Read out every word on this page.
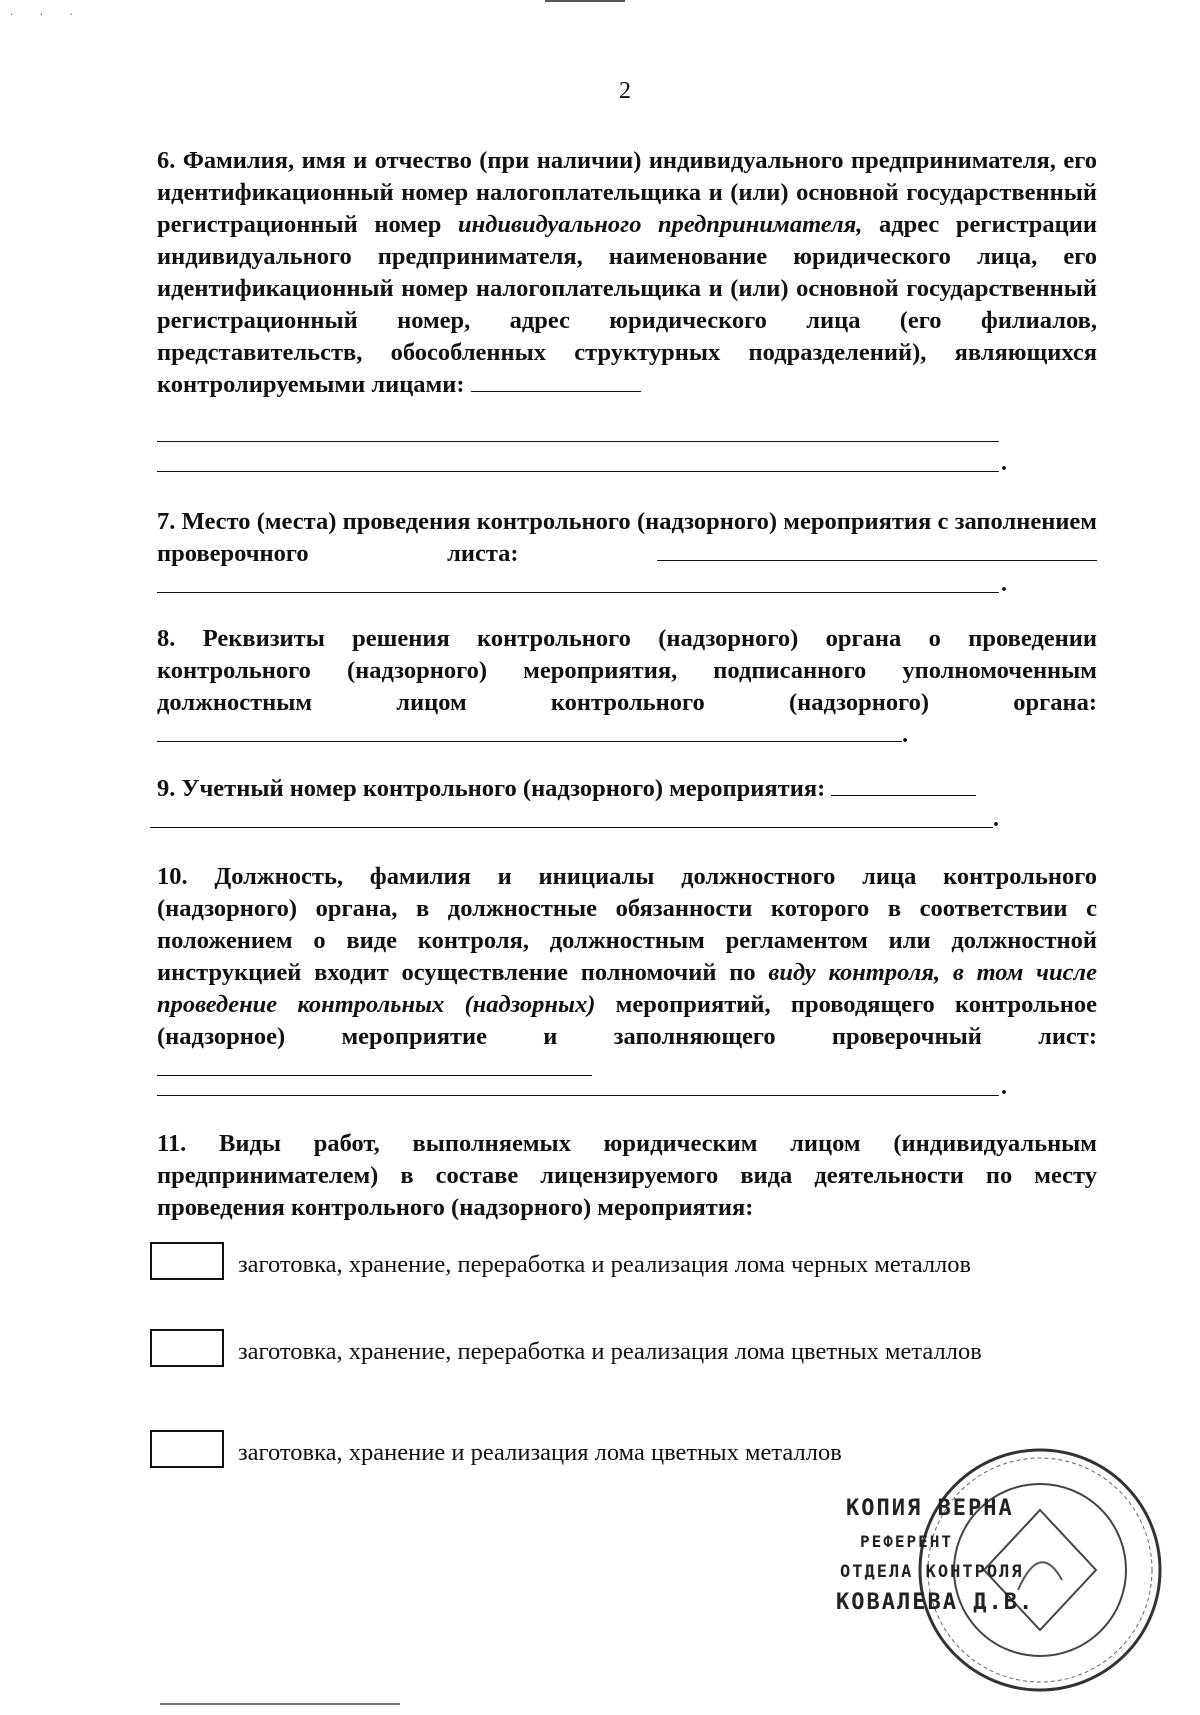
· · ·
2
6. Фамилия, имя и отчество (при наличии) индивидуального предпринимателя, его идентификационный номер налогоплательщика и (или) основной государственный регистрационный номер индивидуального предпринимателя, адрес регистрации индивидуального предпринимателя, наименование юридического лица, его идентификационный номер налогоплательщика и (или) основной государственный регистрационный номер, адрес юридического лица (его филиалов, представительств, обособленных структурных подразделений), являющихся контролируемыми лицами:
.
7. Место (места) проведения контрольного (надзорного) мероприятия с заполнением проверочного листа:
.
8. Реквизиты решения контрольного (надзорного) органа о проведении контрольного (надзорного) мероприятия, подписанного уполномоченным должностным лицом контрольного (надзорного) органа: .
9. Учетный номер контрольного (надзорного) мероприятия:
.
10. Должность, фамилия и инициалы должностного лица контрольного (надзорного) органа, в должностные обязанности которого в соответствии с положением о виде контроля, должностным регламентом или должностной инструкцией входит осуществление полномочий по виду контроля, в том числе проведение контрольных (надзорных) мероприятий, проводящего контрольное (надзорное) мероприятие и заполняющего проверочный лист:
.
11. Виды работ, выполняемых юридическим лицом (индивидуальным предпринимателем) в составе лицензируемого вида деятельности по месту проведения контрольного (надзорного) мероприятия:
заготовка, хранение, переработка и реализация лома черных металлов
заготовка, хранение, переработка и реализация лома цветных металлов
заготовка, хранение и реализация лома цветных металлов
КОПИЯ ВЕРНА
РЕФЕРЕНТ
ОТДЕЛА КОНТРОЛЯ
КОВАЛЕВА Д.В.
